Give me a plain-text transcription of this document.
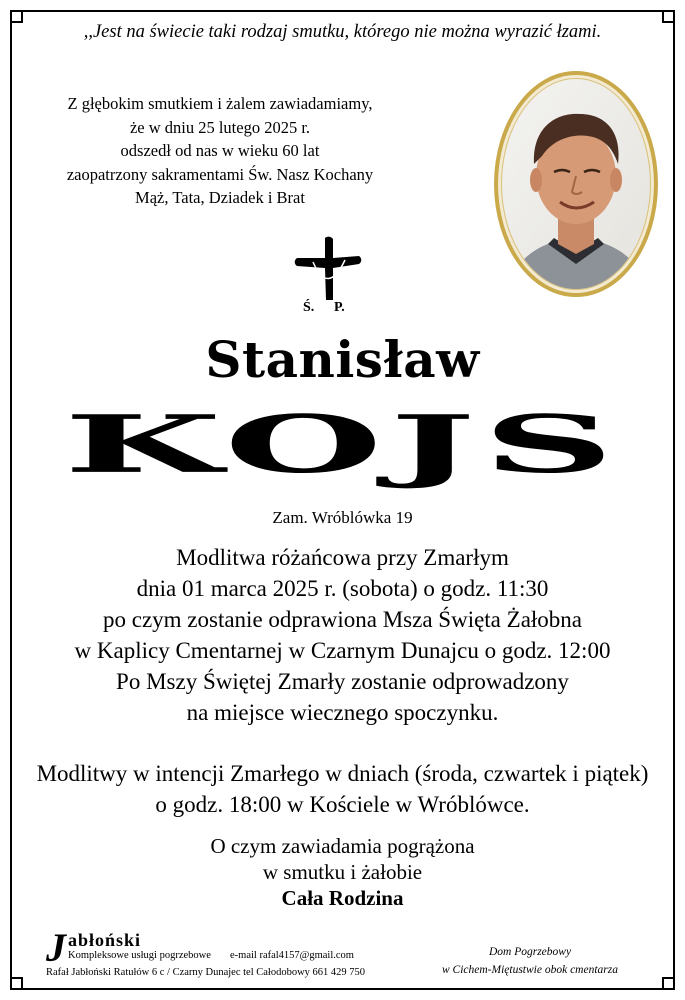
,,Jest na świecie taki rodzaj smutku, którego nie można wyrazić łzami.
Z głębokim smutkiem i żalem zawiadamiamy,
że w dniu 25 lutego 2025 r.
odszedł od nas w wieku 60 lat
zaopatrzony sakramentami Św. Nasz Kochany
Mąż, Tata, Dziadek i Brat
Ś. P.
Stanisław
KOJS
Zam. Wróblówka 19
Modlitwa różańcowa przy Zmarłym
dnia 01 marca 2025 r. (sobota) o godz. 11:30
po czym zostanie odprawiona Msza Święta Żałobna
w Kaplicy Cmentarnej w Czarnym Dunajcu o godz. 12:00
Po Mszy Świętej Zmarły zostanie odprowadzony
na miejsce wiecznego spoczynku.
Modlitwy w intencji Zmarłego w dniach (środa, czwartek i piątek)
o godz. 18:00 w Kościele w Wróblówce.
O czym zawiadamia pogrążona
w smutku i żałobie
Cała Rodzina
J abłoński
Kompleksowe usługi pogrzebowe e-mail rafal4157@gmail.com
Rafał Jabłoński Ratułów 6 c / Czarny Dunajec tel Całodobowy 661 429 750
Dom Pogrzebowy
w Cichem-Miętustwie obok cmentarza
